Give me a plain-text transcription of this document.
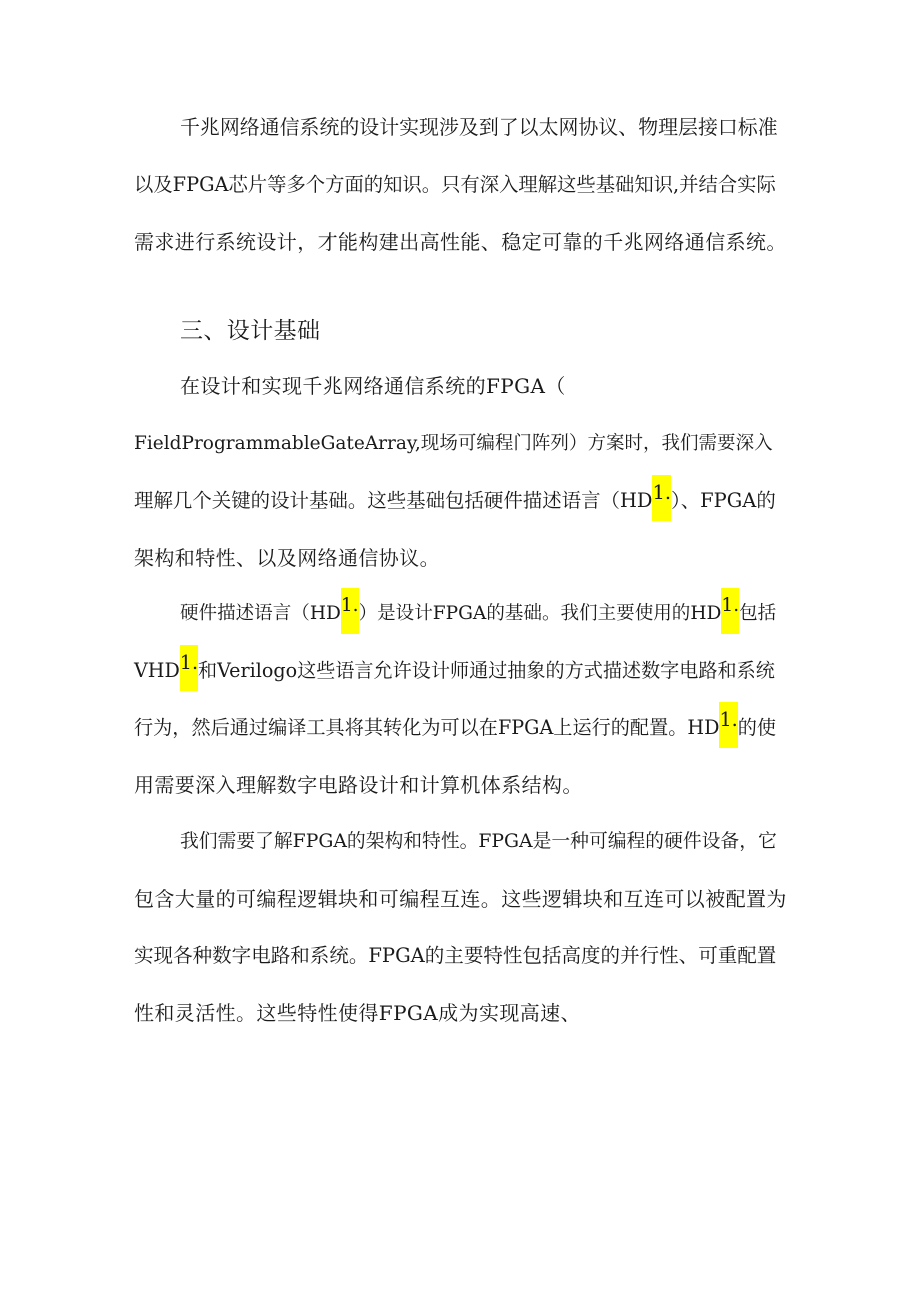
千兆网络通信系统的设计实现涉及到了以太网协议、物理层接口标准
以及FPGA芯片等多个方面的知识。只有深入理解这些基础知识,并结合实际
需求进行系统设计，才能构建出高性能、稳定可靠的千兆网络通信系统。
三、设计基础
在设计和实现千兆网络通信系统的FPGA（
FieldProgrammableGateArray,现场可编程门阵列）方案时，我们需要深入
理解几个关键的设计基础。这些基础包括硬件描述语言（HD1.）、FPGA的
架构和特性、以及网络通信协议。
硬件描述语言（HD1.）是设计FPGA的基础。我们主要使用的HD1.包括
VHD1.和Verilogo这些语言允许设计师通过抽象的方式描述数字电路和系统
行为，然后通过编译工具将其转化为可以在FPGA上运行的配置。HD1.的使
用需要深入理解数字电路设计和计算机体系结构。
我们需要了解FPGA的架构和特性。FPGA是一种可编程的硬件设备，它
包含大量的可编程逻辑块和可编程互连。这些逻辑块和互连可以被配置为
实现各种数字电路和系统。FPGA的主要特性包括高度的并行性、可重配置
性和灵活性。这些特性使得FPGA成为实现高速、
